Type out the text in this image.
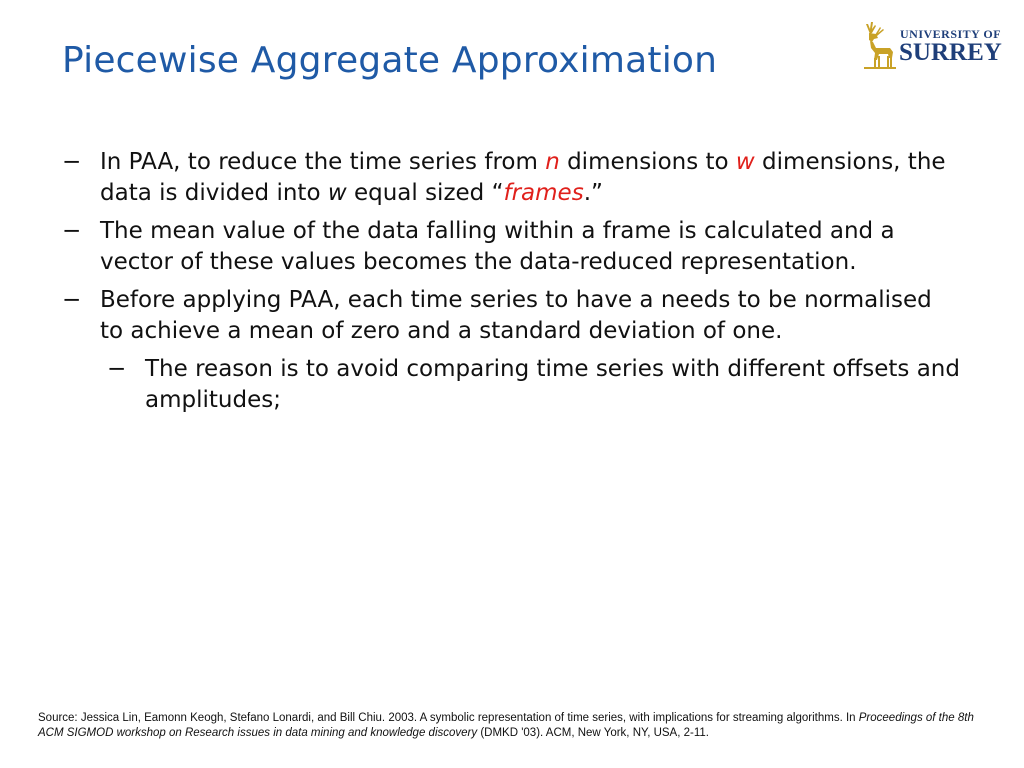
Piecewise Aggregate Approximation
UNIVERSITY OF
SURREY
− In PAA, to reduce the time series from n dimensions to w dimensions, the data is divided into w equal sized “frames.”
− The mean value of the data falling within a frame is calculated and a vector of these values becomes the data-reduced representation.
− Before applying PAA, each time series to have a needs to be normalised to achieve a mean of zero and a standard deviation of one.
− The reason is to avoid comparing time series with different offsets and amplitudes;
Source: Jessica Lin, Eamonn Keogh, Stefano Lonardi, and Bill Chiu. 2003. A symbolic representation of time series, with implications for streaming algorithms. In Proceedings of the 8th ACM SIGMOD workshop on Research issues in data mining and knowledge discovery (DMKD '03). ACM, New York, NY, USA, 2-11.
